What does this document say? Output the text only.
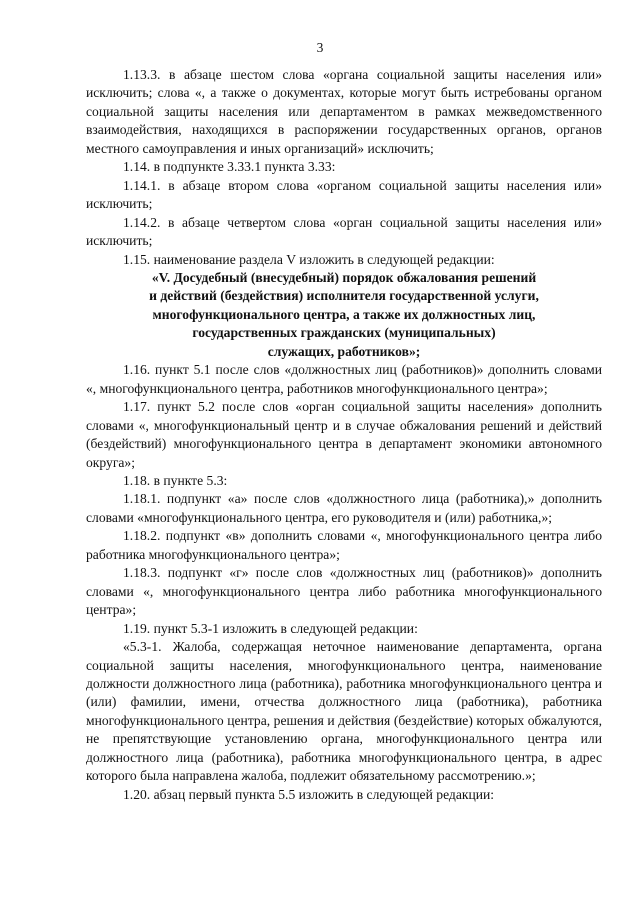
3

1.13.3. в абзаце шестом слова «органа социальной защиты населения или» исключить; слова «, а также о документах, которые могут быть истребованы органом социальной защиты населения или департаментом в рамках межведомственного взаимодействия, находящихся в распоряжении государственных органов, органов местного самоуправления и иных организаций» исключить;

1.14. в подпункте 3.33.1 пункта 3.33:

1.14.1. в абзаце втором слова «органом социальной защиты населения или» исключить;

1.14.2. в абзаце четвертом слова «орган социальной защиты населения или» исключить;

1.15. наименование раздела V изложить в следующей редакции:

«V. Досудебный (внесудебный) порядок обжалования решений
и действий (бездействия) исполнителя государственной услуги,
многофункционального центра, а также их должностных лиц,
государственных гражданских (муниципальных)
служащих, работников»;

1.16. пункт 5.1 после слов «должностных лиц (работников)» дополнить словами «, многофункционального центра, работников многофункционального центра»;

1.17. пункт 5.2 после слов «орган социальной защиты населения» дополнить словами «, многофункциональный центр и в случае обжалования решений и действий (бездействий) многофункционального центра в департамент экономики автономного округа»;

1.18. в пункте 5.3:

1.18.1. подпункт «а» после слов «должностного лица (работника),» дополнить словами «многофункционального центра, его руководителя и (или) работника,»;

1.18.2. подпункт «в» дополнить словами «, многофункционального центра либо работника многофункционального центра»;

1.18.3. подпункт «г» после слов «должностных лиц (работников)» дополнить словами «, многофункционального центра либо работника многофункционального центра»;

1.19. пункт 5.3-1 изложить в следующей редакции:

«5.3-1. Жалоба, содержащая неточное наименование департамента, органа социальной защиты населения, многофункционального центра, наименование должности должностного лица (работника), работника многофункционального центра и (или) фамилии, имени, отчества должностного лица (работника), работника многофункционального центра, решения и действия (бездействие) которых обжалуются, не препятствующие установлению органа, многофункционального центра или должностного лица (работника), работника многофункционального центра, в адрес которого была направлена жалоба, подлежит обязательному рассмотрению.»;

1.20. абзац первый пункта 5.5 изложить в следующей редакции:
